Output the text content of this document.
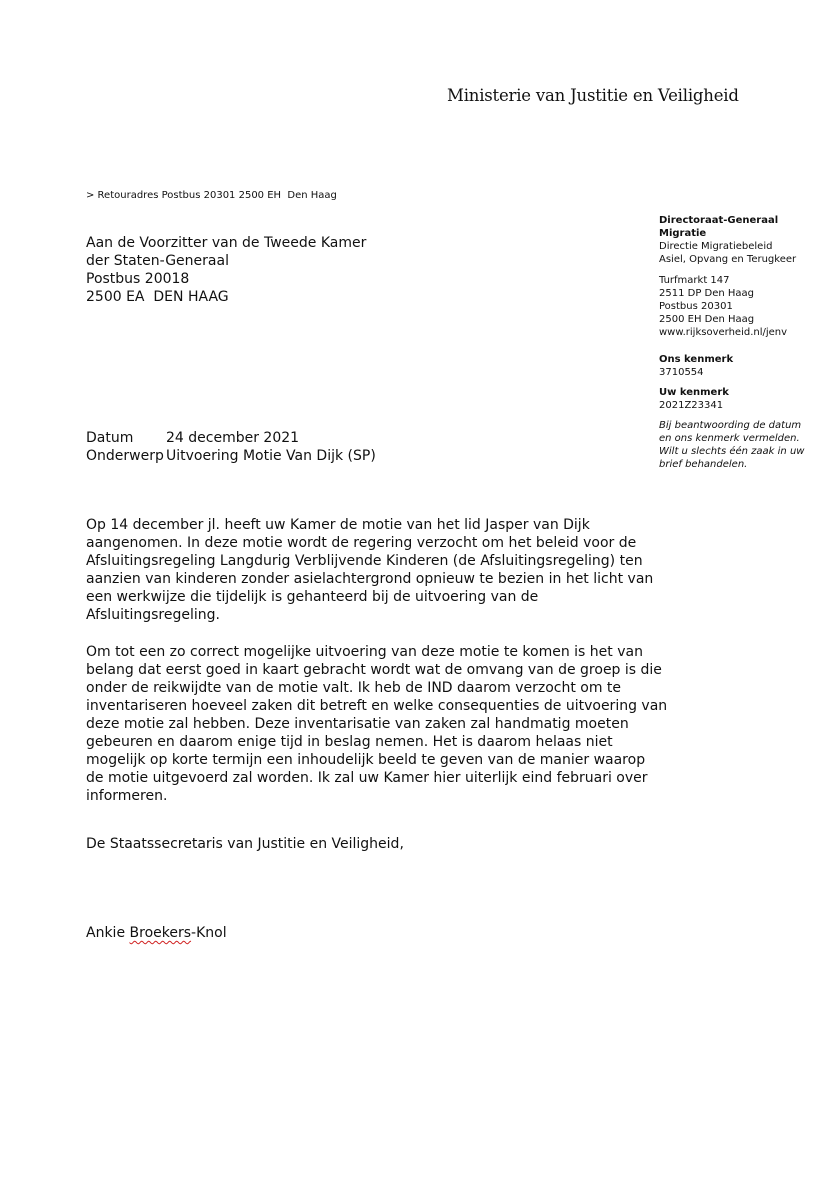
Ministerie van Justitie en Veiligheid
> Retouradres Postbus 20301 2500 EH  Den Haag
Aan de Voorzitter van de Tweede Kamer
der Staten-Generaal
Postbus 20018
2500 EA  DEN HAAG
Directoraat-Generaal
Migratie
Directie Migratiebeleid
Asiel, Opvang en Terugkeer
Turfmarkt 147
2511 DP Den Haag
Postbus 20301
2500 EH Den Haag
www.rijksoverheid.nl/jenv
Ons kenmerk
3710554
Uw kenmerk
2021Z23341
Bij beantwoording de datum
en ons kenmerk vermelden.
Wilt u slechts één zaak in uw
brief behandelen.
Datum	24 december 2021
Onderwerp Uitvoering Motie Van Dijk (SP)
Op 14 december jl. heeft uw Kamer de motie van het lid Jasper van Dijk
aangenomen. In deze motie wordt de regering verzocht om het beleid voor de
Afsluitingsregeling Langdurig Verblijvende Kinderen (de Afsluitingsregeling) ten
aanzien van kinderen zonder asielachtergrond opnieuw te bezien in het licht van
een werkwijze die tijdelijk is gehanteerd bij de uitvoering van de
Afsluitingsregeling.
Om tot een zo correct mogelijke uitvoering van deze motie te komen is het van
belang dat eerst goed in kaart gebracht wordt wat de omvang van de groep is die
onder de reikwijdte van de motie valt. Ik heb de IND daarom verzocht om te
inventariseren hoeveel zaken dit betreft en welke consequenties de uitvoering van
deze motie zal hebben. Deze inventarisatie van zaken zal handmatig moeten
gebeuren en daarom enige tijd in beslag nemen. Het is daarom helaas niet
mogelijk op korte termijn een inhoudelijk beeld te geven van de manier waarop
de motie uitgevoerd zal worden. Ik zal uw Kamer hier uiterlijk eind februari over
informeren.
De Staatssecretaris van Justitie en Veiligheid,
Ankie Broekers-Knol
